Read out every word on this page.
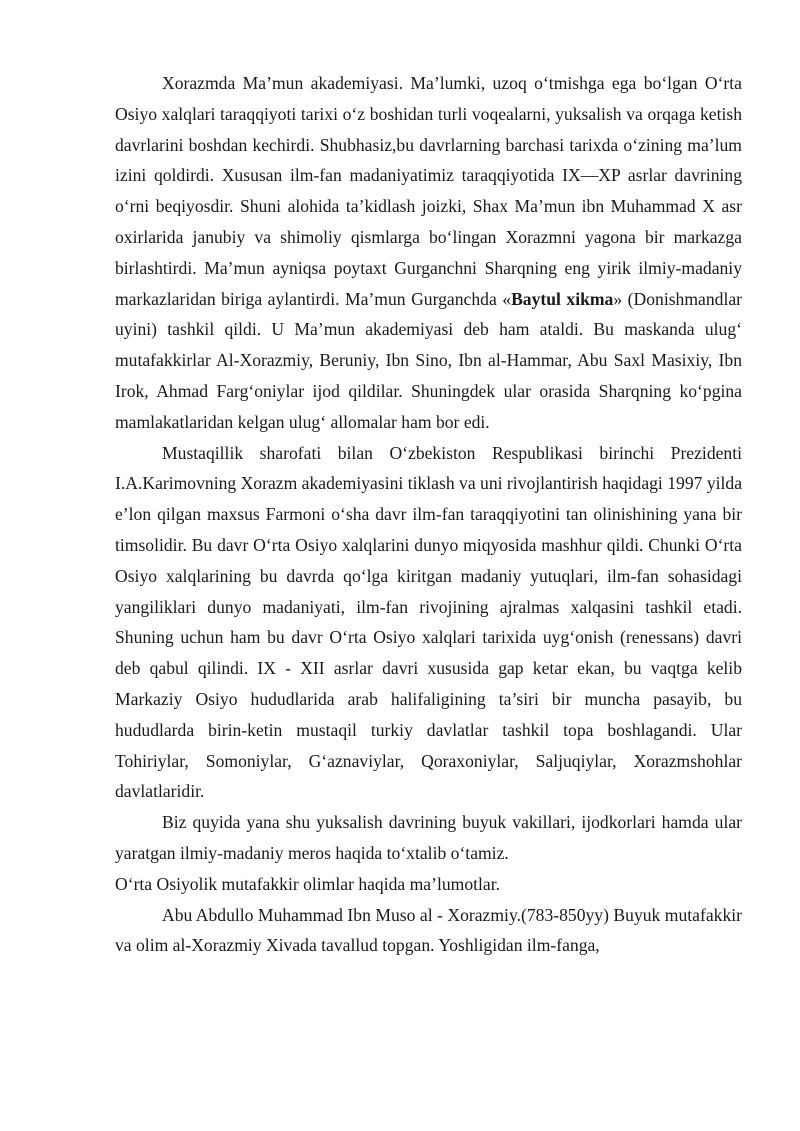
Xorazmda Ma’mun akademiyasi. Ma’lumki, uzoq o‘tmishga ega bo‘lgan O‘rta Osiyo xalqlari taraqqiyoti tarixi o‘z boshidan turli voqealarni, yuksalish va orqaga ketish davrlarini boshdan kechirdi. Shubhasiz,bu davrlarning barchasi tarixda o‘zining ma’lum izini qoldirdi. Xususan ilm-fan madaniyatimiz taraqqiyotida IX—XP asrlar davrining o‘rni beqiyosdir. Shuni alohida ta’kidlash joizki, Shax Ma’mun ibn Muhammad X asr oxirlarida janubiy va shimoliy qismlarga bo‘lingan Xorazmni yagona bir markazga birlashtirdi. Ma’mun ayniqsa poytaxt Gurganchni Sharqning eng yirik ilmiy-madaniy markazlaridan biriga aylantirdi. Ma’mun Gurganchda «Baytul xikma» (Donishmandlar uyini) tashkil qildi. U Ma’mun akademiyasi deb ham ataldi. Bu maskanda ulug‘ mutafakkirlar Al-Xorazmiy, Beruniy, Ibn Sino, Ibn al-Hammar, Abu Saxl Masixiy, Ibn Irok, Ahmad Farg‘oniylar ijod qildilar. Shuningdek ular orasida Sharqning ko‘pgina mamlakatlaridan kelgan ulug‘ allomalar ham bor edi.

Mustaqillik sharofati bilan O‘zbekiston Respublikasi birinchi Prezidenti I.A.Karimovning Xorazm akademiyasini tiklash va uni rivojlantirish haqidagi 1997 yilda e’lon qilgan maxsus Farmoni o‘sha davr ilm-fan taraqqiyotini tan olinishining yana bir timsolidir. Bu davr O‘rta Osiyo xalqlarini dunyo miqyosida mashhur qildi. Chunki O‘rta Osiyo xalqlarining bu davrda qo‘lga kiritgan madaniy yutuqlari, ilm-fan sohasidagi yangiliklari dunyo madaniyati, ilm-fan rivojining ajralmas xalqasini tashkil etadi. Shuning uchun ham bu davr O‘rta Osiyo xalqlari tarixida uyg‘onish (renessans) davri deb qabul qilindi. IX - XII asrlar davri xususida gap ketar ekan, bu vaqtga kelib Markaziy Osiyo hududlarida arab halifaligining ta’siri bir muncha pasayib, bu hududlarda birin-ketin mustaqil turkiy davlatlar tashkil topa boshlagandi. Ular Tohiriylar, Somoniylar, G‘aznaviylar, Qoraxoniylar, Saljuqiylar, Xorazmshohlar davlatlaridir.

Biz quyida yana shu yuksalish davrining buyuk vakillari, ijodkorlari hamda ular yaratgan ilmiy-madaniy meros haqida to‘xtalib o‘tamiz.

O‘rta Osiyolik mutafakkir olimlar haqida ma’lumotlar.

Abu Abdullo Muhammad Ibn Muso al - Xorazmiy.(783-850yy) Buyuk mutafakkir va olim al-Xorazmiy Xivada tavallud topgan. Yoshligidan ilm-fanga,
